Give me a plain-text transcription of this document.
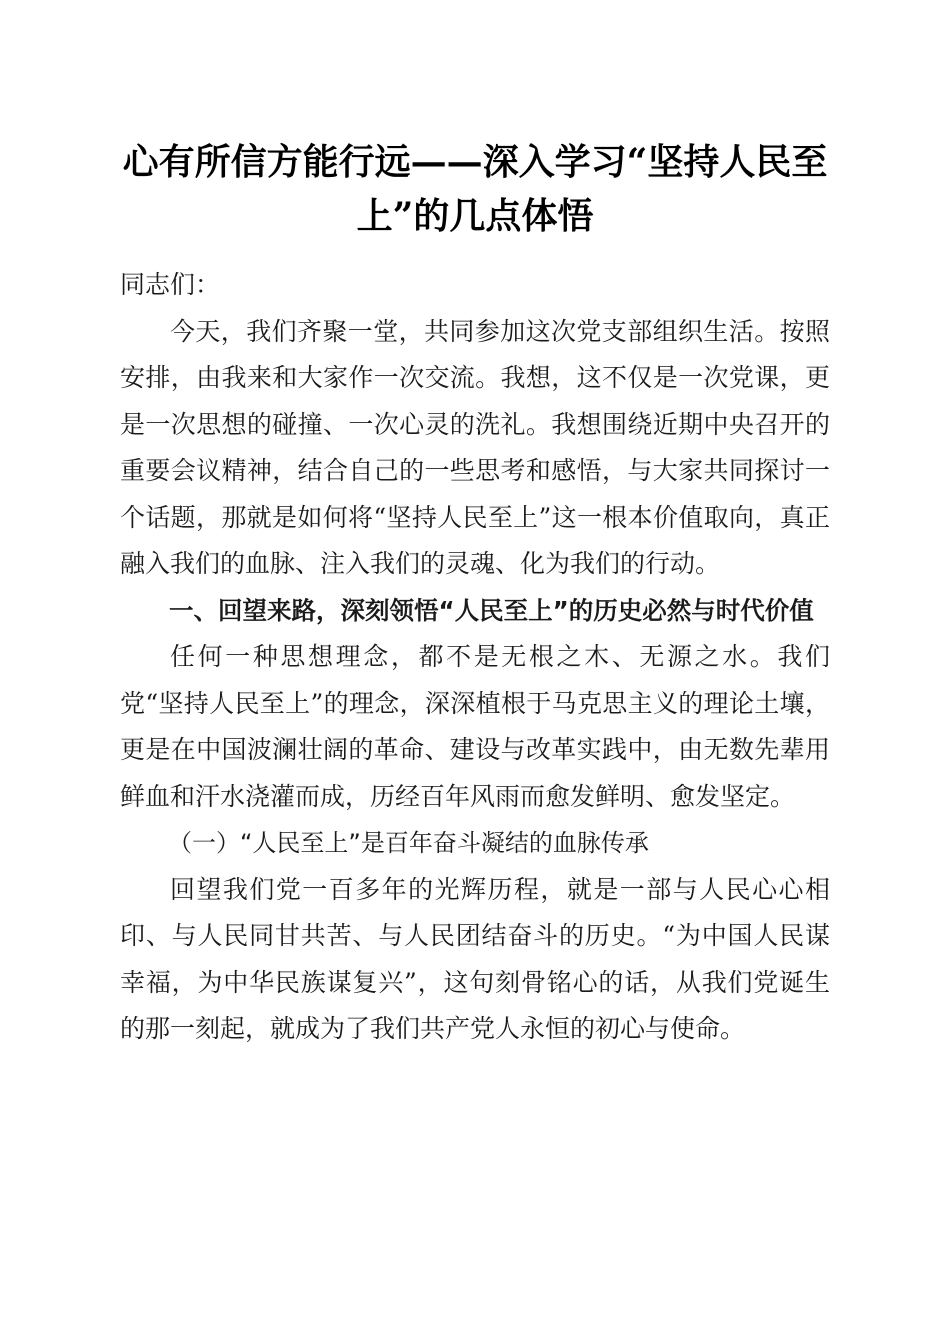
心有所信方能行远——深入学习“坚持人民至上”的几点体悟

同志们：

今天，我们齐聚一堂，共同参加这次党支部组织生活。按照安排，由我来和大家作一次交流。我想，这不仅是一次党课，更是一次思想的碰撞、一次心灵的洗礼。我想围绕近期中央召开的重要会议精神，结合自己的一些思考和感悟，与大家共同探讨一个话题，那就是如何将“坚持人民至上”这一根本价值取向，真正融入我们的血脉、注入我们的灵魂、化为我们的行动。

一、回望来路，深刻领悟“人民至上”的历史必然与时代价值

任何一种思想理念，都不是无根之木、无源之水。我们党“坚持人民至上”的理念，深深植根于马克思主义的理论土壤，更是在中国波澜壮阔的革命、建设与改革实践中，由无数先辈用鲜血和汗水浇灌而成，历经百年风雨而愈发鲜明、愈发坚定。

（一）“人民至上”是百年奋斗凝结的血脉传承

回望我们党一百多年的光辉历程，就是一部与人民心心相印、与人民同甘共苦、与人民团结奋斗的历史。“为中国人民谋幸福，为中华民族谋复兴”，这句刻骨铭心的话，从我们党诞生的那一刻起，就成为了我们共产党人永恒的初心与使命。
